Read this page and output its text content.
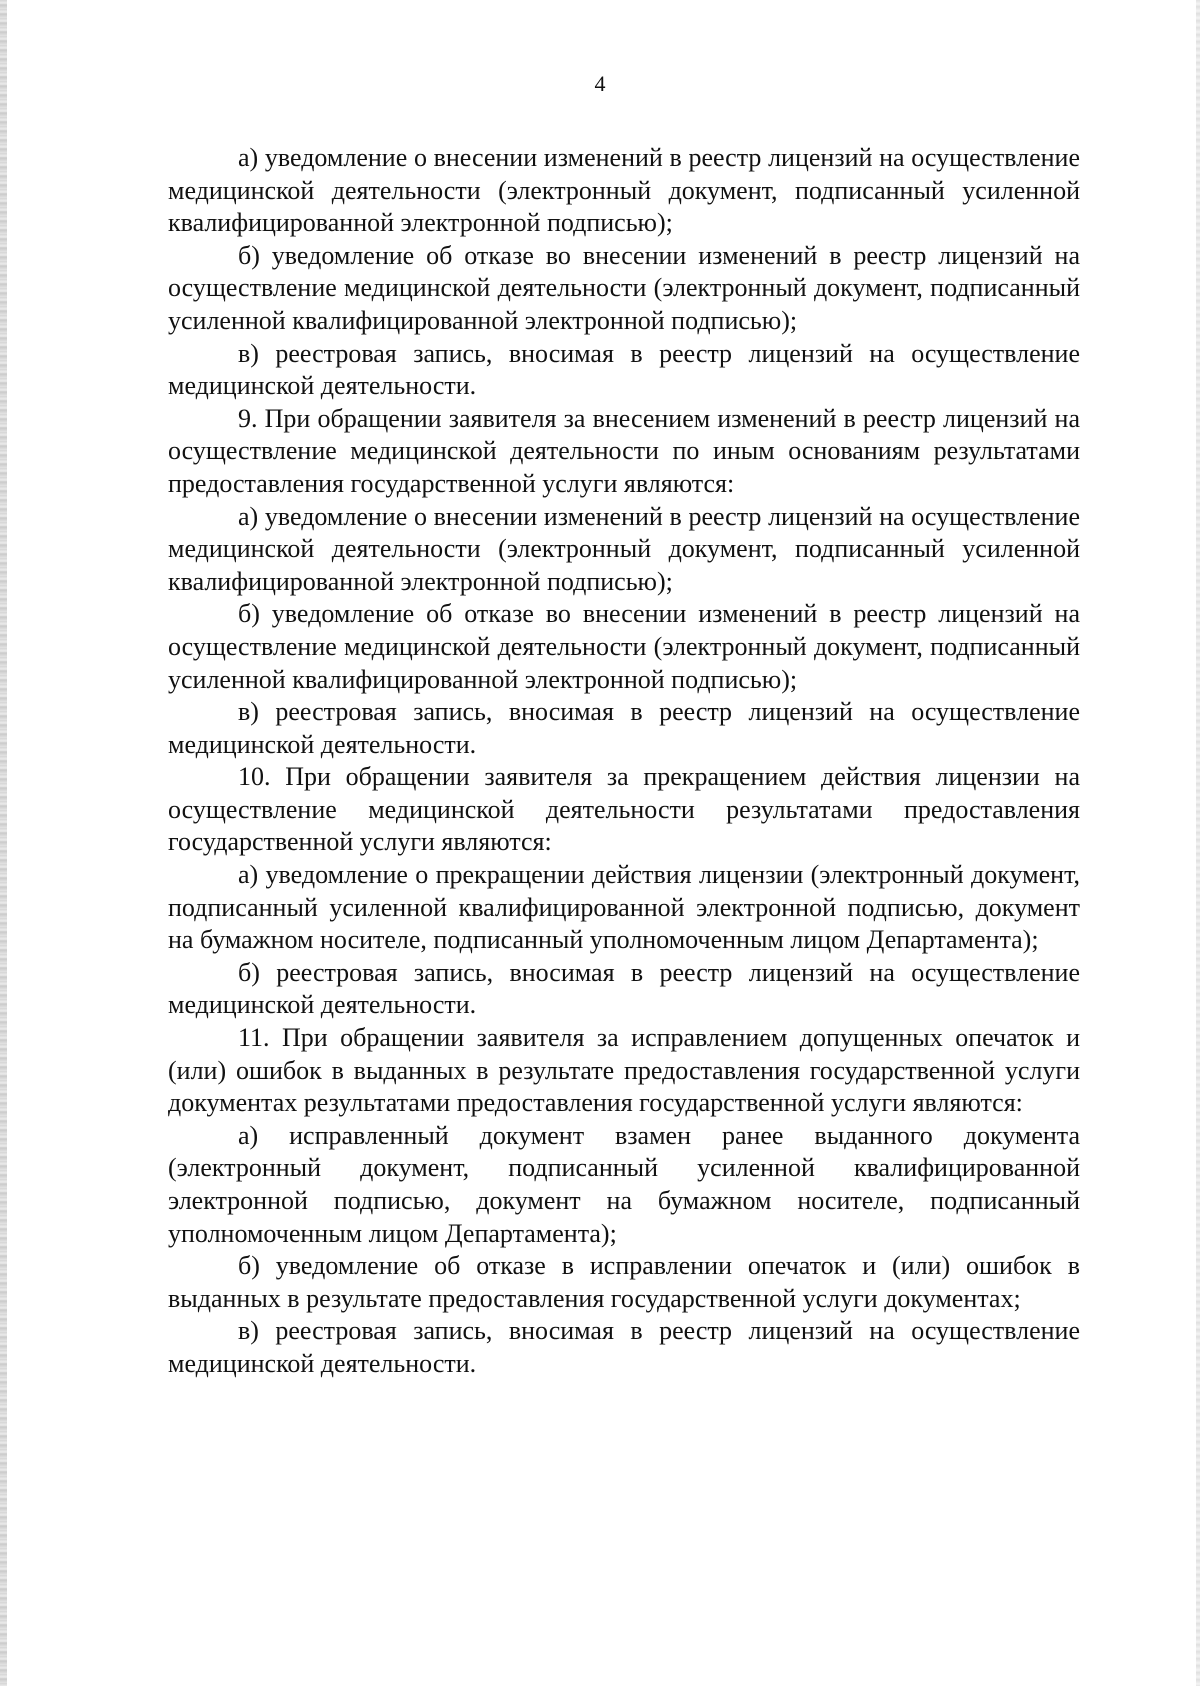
4

а) уведомление о внесении изменений в реестр лицензий на осуществление медицинской деятельности (электронный документ, подписанный усиленной квалифицированной электронной подписью);

б) уведомление об отказе во внесении изменений в реестр лицензий на осуществление медицинской деятельности (электронный документ, подписанный усиленной квалифицированной электронной подписью);

в) реестровая запись, вносимая в реестр лицензий на осуществление медицинской деятельности.

9. При обращении заявителя за внесением изменений в реестр лицензий на осуществление медицинской деятельности по иным основаниям результатами предоставления государственной услуги являются:

а) уведомление о внесении изменений в реестр лицензий на осуществление медицинской деятельности (электронный документ, подписанный усиленной квалифицированной электронной подписью);

б) уведомление об отказе во внесении изменений в реестр лицензий на осуществление медицинской деятельности (электронный документ, подписанный усиленной квалифицированной электронной подписью);

в) реестровая запись, вносимая в реестр лицензий на осуществление медицинской деятельности.

10. При обращении заявителя за прекращением действия лицензии на осуществление медицинской деятельности результатами предоставления государственной услуги являются:

а) уведомление о прекращении действия лицензии (электронный документ, подписанный усиленной квалифицированной электронной подписью, документ на бумажном носителе, подписанный уполномоченным лицом Департамента);

б) реестровая запись, вносимая в реестр лицензий на осуществление медицинской деятельности.

11. При обращении заявителя за исправлением допущенных опечаток и (или) ошибок в выданных в результате предоставления государственной услуги документах результатами предоставления государственной услуги являются:

а) исправленный документ взамен ранее выданного документа (электронный документ, подписанный усиленной квалифицированной электронной подписью, документ на бумажном носителе, подписанный уполномоченным лицом Департамента);

б) уведомление об отказе в исправлении опечаток и (или) ошибок в выданных в результате предоставления государственной услуги документах;

в) реестровая запись, вносимая в реестр лицензий на осуществление медицинской деятельности.
